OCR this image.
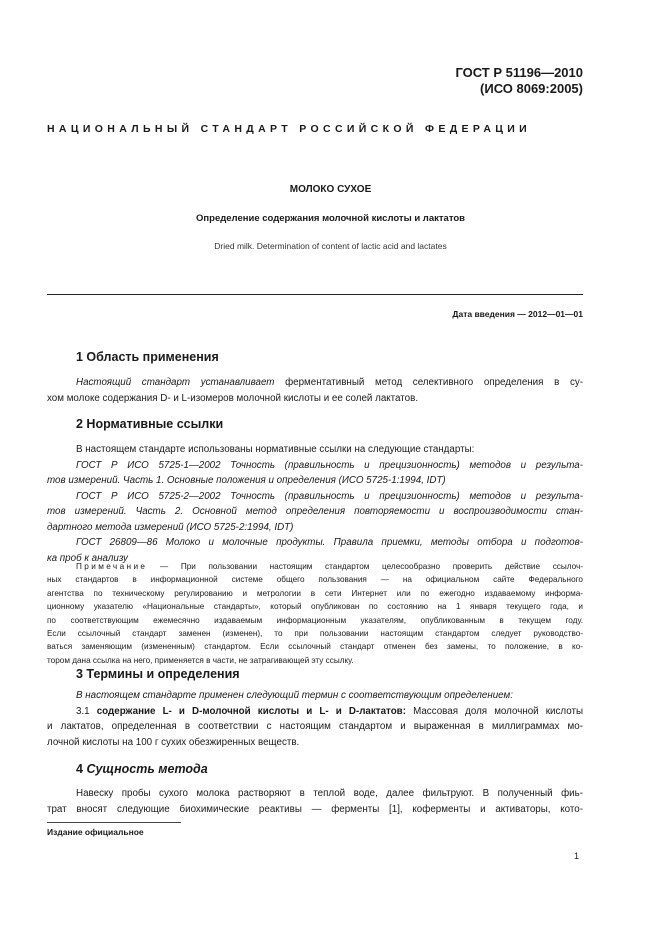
ГОСТ Р 51196—2010
(ИСО 8069:2005)
НАЦИОНАЛЬНЫЙ СТАНДАРТ РОССИЙСКОЙ ФЕДЕРАЦИИ
МОЛОКО СУХОЕ
Определение содержания молочной кислоты и лактатов
Dried milk. Determination of content of lactic acid and lactates
Дата введения — 2012—01—01
1 Область применения
Настоящий стандарт устанавливает ферментативный метод селективного определения в су-
хом молоке содержания D- и L-изомеров молочной кислоты и ее солей лактатов.
2 Нормативные ссылки
В настоящем стандарте использованы нормативные ссылки на следующие стандарты:
ГОСТ Р ИСО 5725-1—2002 Точность (правильность и прецизионность) методов и результа-
тов измерений. Часть 1. Основные положения и определения (ИСО 5725-1:1994, IDT)
ГОСТ Р ИСО 5725-2—2002 Точность (правильность и прецизионность) методов и результа-
тов измерений. Часть 2. Основной метод определения повторяемости и воспроизводимости стан-
дартного метода измерений (ИСО 5725-2:1994, IDT)
ГОСТ 26809—86 Молоко и молочные продукты. Правила приемки, методы отбора и подготов-
ка проб к анализу
Примечание — При пользовании настоящим стандартом целесообразно проверить действие ссылоч-
ных стандартов в информационной системе общего пользования — на официальном сайте Федерального
агентства по техническому регулированию и метрологии в сети Интернет или по ежегодно издаваемому информа-
ционному указателю «Национальные стандарты», который опубликован по состоянию на 1 января текущего года, и
по соответствующим ежемесячно издаваемым информационным указателям, опубликованным в текущем году.
Если ссылочный стандарт заменен (изменен), то при пользовании настоящим стандартом следует руководство-
ваться заменяющим (измененным) стандартом. Если ссылочный стандарт отменен без замены, то положение, в ко-
тором дана ссылка на него, применяется в части, не затрагивающей эту ссылку.
3 Термины и определения
В настоящем стандарте применен следующий термин с соответствующим определением:
3.1 содержание L- и D-молочной кислоты и L- и D-лактатов: Массовая доля молочной кислоты
и лактатов, определенная в соответствии с настоящим стандартом и выраженная в миллиграммах мо-
лочной кислоты на 100 г сухих обезжиренных веществ.
4 Сущность метода
Навеску пробы сухого молока растворяют в теплой воде, далее фильтруют. В полученный фиь-
трат вносят следующие биохимические реактивы — ферменты [1], коферменты и активаторы, кото-
Издание официальное
1
